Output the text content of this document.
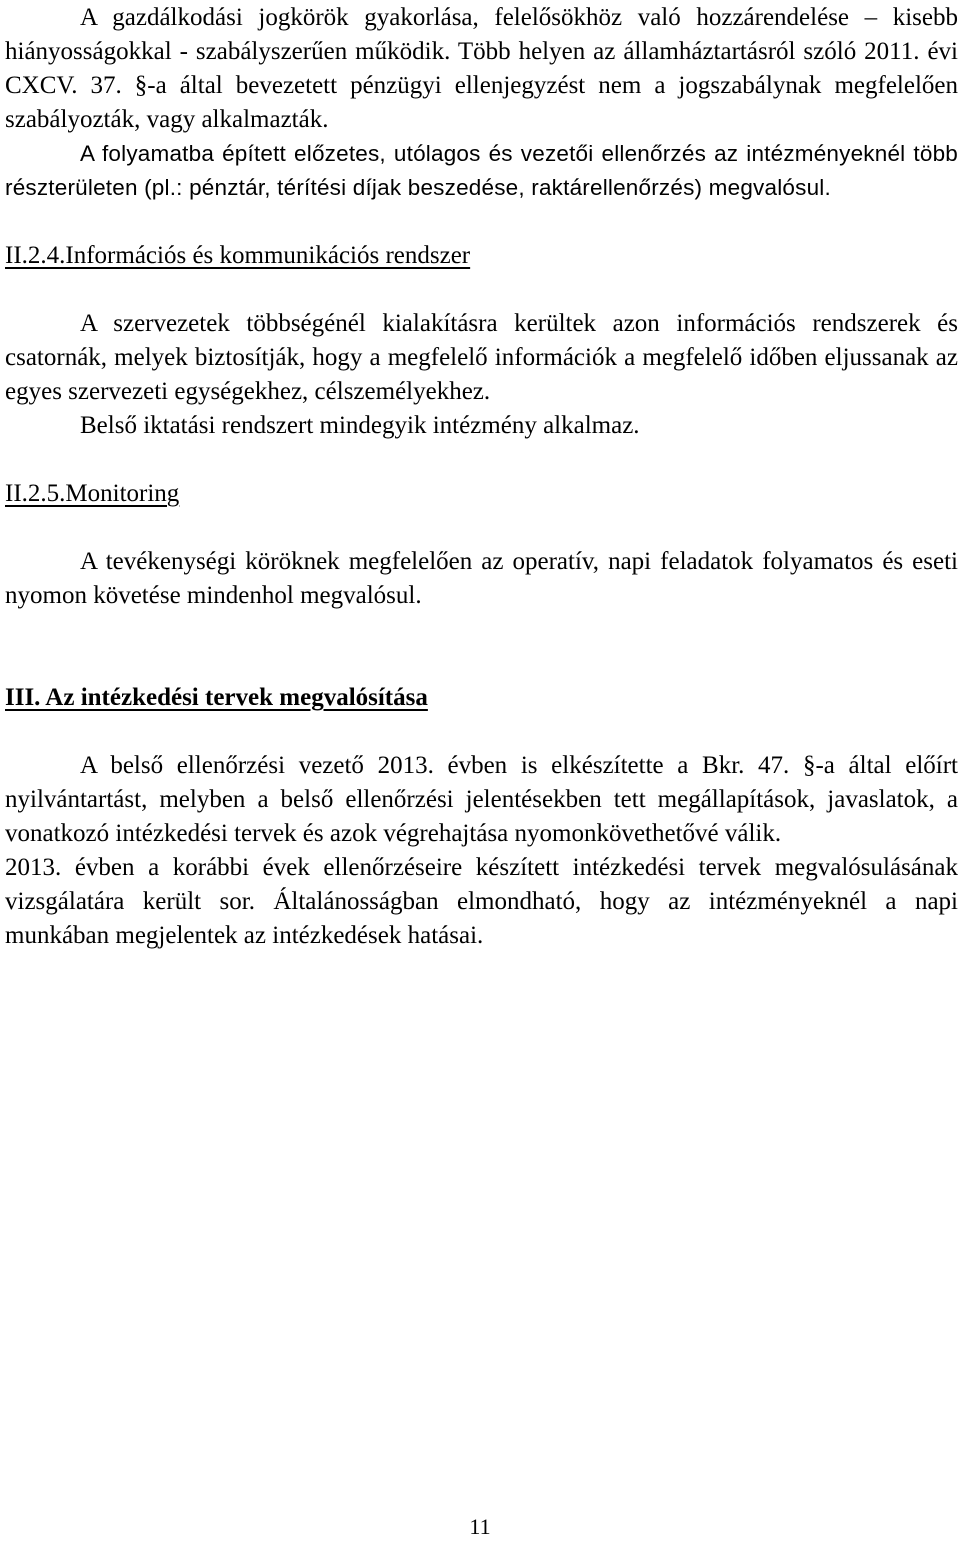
A gazdálkodási jogkörök gyakorlása, felelősökhöz való hozzárendelése – kisebb hiányosságokkal - szabályszerűen működik. Több helyen az államháztartásról szóló 2011. évi CXCV. 37. §-a által bevezetett pénzügyi ellenjegyzést nem a jogszabálynak megfelelően szabályozták, vagy alkalmazták.

A folyamatba épített előzetes, utólagos és vezetői ellenőrzés az intézményeknél több részterületen (pl.: pénztár, térítési díjak beszedése, raktárellenőrzés) megvalósul.

II.2.4.Információs és kommunikációs rendszer

A szervezetek többségénél kialakításra kerültek azon információs rendszerek és csatornák, melyek biztosítják, hogy a megfelelő információk a megfelelő időben eljussanak az egyes szervezeti egységekhez, célszemélyekhez.

Belső iktatási rendszert mindegyik intézmény alkalmaz.

II.2.5.Monitoring

A tevékenységi köröknek megfelelően az operatív, napi feladatok folyamatos és eseti nyomon követése mindenhol megvalósul.

III. Az intézkedési tervek megvalósítása

A belső ellenőrzési vezető 2013. évben is elkészítette a Bkr. 47. §-a által előírt nyilvántartást, melyben a belső ellenőrzési jelentésekben tett megállapítások, javaslatok, a vonatkozó intézkedési tervek és azok végrehajtása nyomonkövethetővé válik.

2013. évben a korábbi évek ellenőrzéseire készített intézkedési tervek megvalósulásának vizsgálatára került sor. Általánosságban elmondható, hogy az intézményeknél a napi munkában megjelentek az intézkedések hatásai.

11
